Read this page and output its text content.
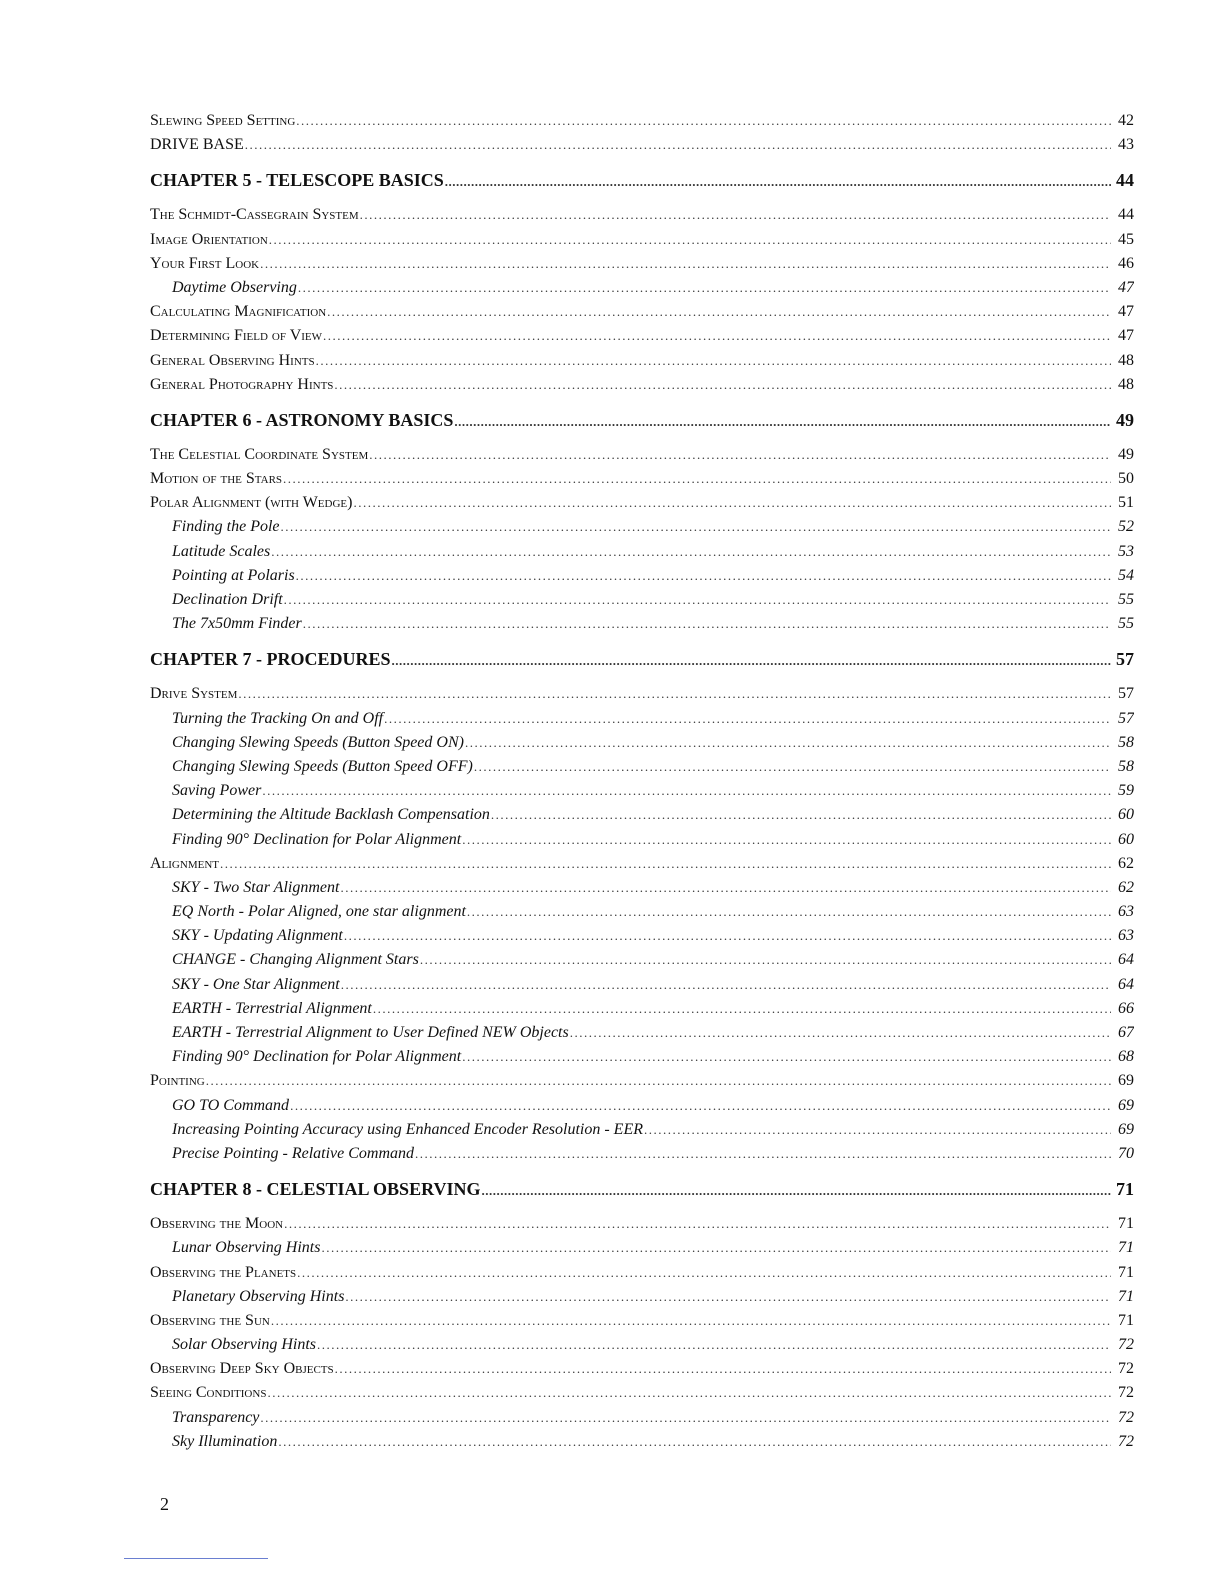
Slewing Speed Setting .....	42
DRIVE BASE .....	43
CHAPTER 5 - TELESCOPE BASICS .....	44
The Schmidt-Cassegrain System .....	44
Image Orientation .....	45
Your First Look .....	46
Daytime Observing .....	47
Calculating Magnification .....	47
Determining Field of View .....	47
General Observing Hints .....	48
General Photography Hints .....	48
CHAPTER 6 - ASTRONOMY BASICS .....	49
The Celestial Coordinate System .....	49
Motion of the Stars .....	50
Polar Alignment (with Wedge) .....	51
Finding the Pole .....	52
Latitude Scales .....	53
Pointing at Polaris .....	54
Declination Drift .....	55
The 7x50mm Finder .....	55
CHAPTER 7 - PROCEDURES .....	57
Drive System .....	57
Turning the Tracking On and Off .....	57
Changing Slewing Speeds (Button Speed ON) .....	58
Changing Slewing Speeds (Button Speed OFF) .....	58
Saving Power .....	59
Determining the Altitude Backlash Compensation .....	60
Finding 90° Declination for Polar Alignment .....	60
Alignment .....	62
SKY - Two Star Alignment .....	62
EQ North - Polar Aligned, one star alignment .....	63
SKY - Updating Alignment .....	63
CHANGE - Changing Alignment Stars .....	64
SKY - One Star Alignment .....	64
EARTH - Terrestrial Alignment .....	66
EARTH - Terrestrial Alignment to User Defined NEW Objects .....	67
Finding 90° Declination for Polar Alignment .....	68
Pointing .....	69
GO TO Command .....	69
Increasing Pointing Accuracy using Enhanced Encoder Resolution - EER .....	69
Precise Pointing - Relative Command .....	70
CHAPTER 8 - CELESTIAL OBSERVING .....	71
Observing the Moon .....	71
Lunar Observing Hints .....	71
Observing the Planets .....	71
Planetary Observing Hints .....	71
Observing the Sun .....	71
Solar Observing Hints .....	72
Observing Deep Sky Objects .....	72
Seeing Conditions .....	72
Transparency .....	72
Sky Illumination .....	72
2
